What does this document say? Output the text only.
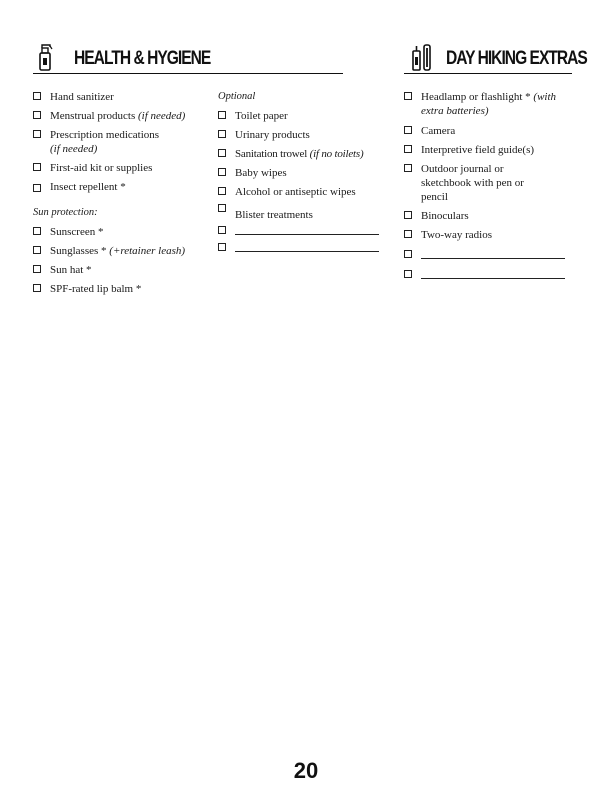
HEALTH & HYGIENE	DAY HIKING EXTRAS
Hand sanitizer
Menstrual products (if needed)
Prescription medications
(if needed)
First-aid kit or supplies
Insect repellent *
Sun protection:
Sunscreen *
Sunglasses * (+retainer leash)
Sun hat *
SPF-rated lip balm *
Optional
Toilet paper
Urinary products
Sanitation trowel (if no toilets)
Baby wipes
Alcohol or antiseptic wipes
Blister treatments
Headlamp or flashlight * (with extra batteries)
Camera
Interpretive field guide(s)
Outdoor journal or sketchbook with pen or pencil
Binoculars
Two-way radios
20
